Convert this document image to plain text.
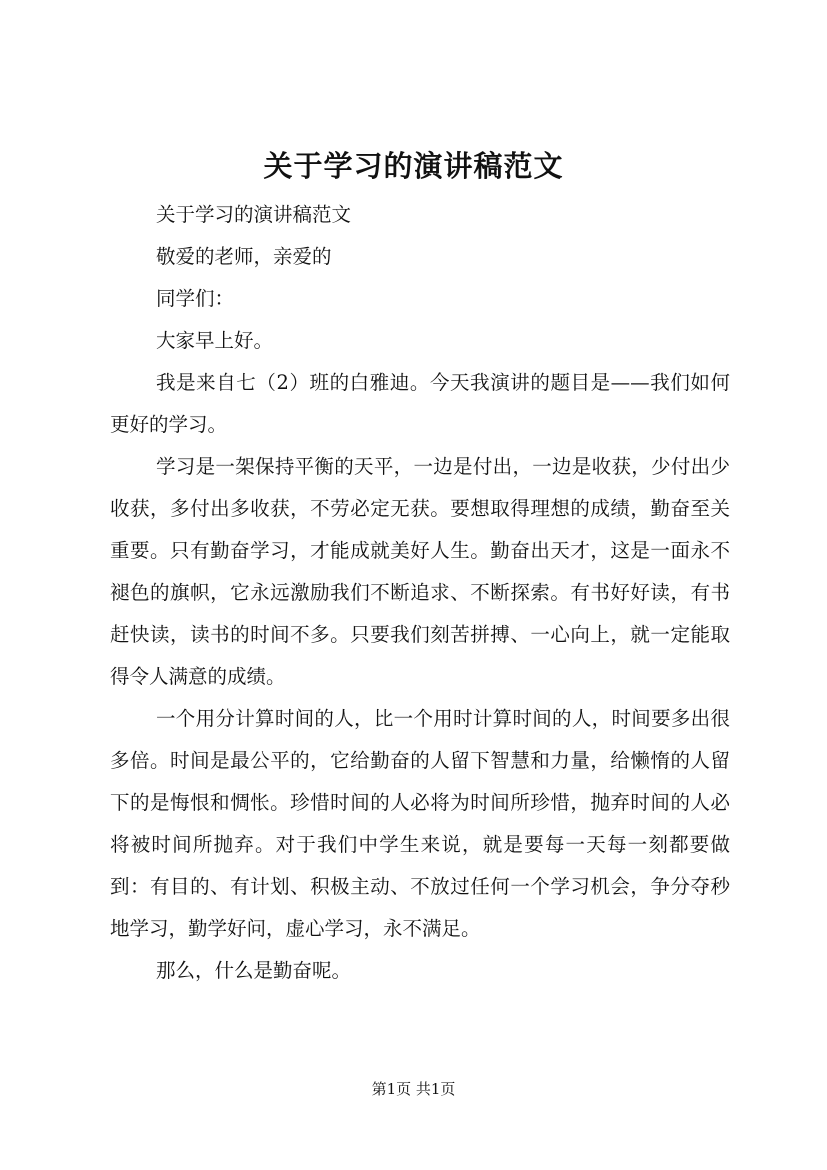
关于学习的演讲稿范文

关于学习的演讲稿范文

敬爱的老师，亲爱的

同学们：

大家早上好。

我是来自七（2）班的白雅迪。今天我演讲的题目是——我们如何更好的学习。

学习是一架保持平衡的天平，一边是付出，一边是收获，少付出少收获，多付出多收获，不劳必定无获。要想取得理想的成绩，勤奋至关重要。只有勤奋学习，才能成就美好人生。勤奋出天才，这是一面永不褪色的旗帜，它永远激励我们不断追求、不断探索。有书好好读，有书赶快读，读书的时间不多。只要我们刻苦拼搏、一心向上，就一定能取得令人满意的成绩。

一个用分计算时间的人，比一个用时计算时间的人，时间要多出很多倍。时间是最公平的，它给勤奋的人留下智慧和力量，给懒惰的人留下的是悔恨和惆怅。珍惜时间的人必将为时间所珍惜，抛弃时间的人必将被时间所抛弃。对于我们中学生来说，就是要每一天每一刻都要做到：有目的、有计划、积极主动、不放过任何一个学习机会，争分夺秒地学习，勤学好问，虚心学习，永不满足。

那么，什么是勤奋呢。

第1页 共1页
